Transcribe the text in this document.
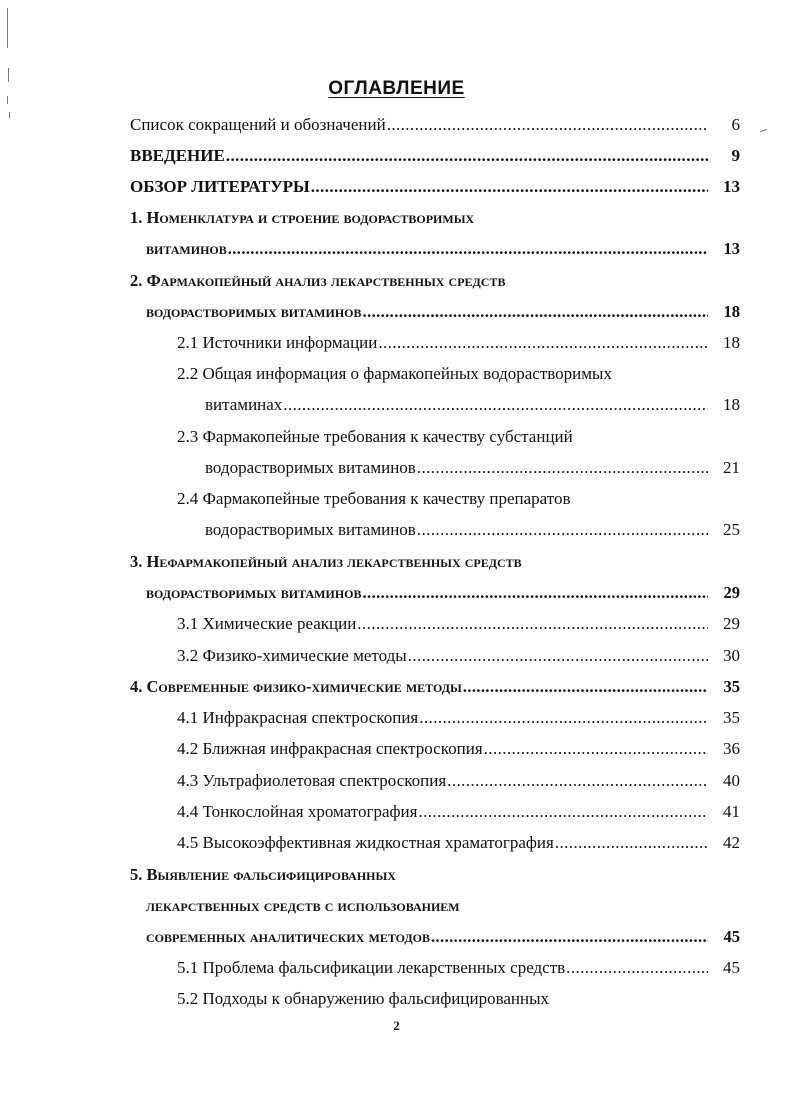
ОГЛАВЛЕНИЕ
Список сокращений и обозначений .....	6
ВВЕДЕНИЕ .....	9
ОБЗОР ЛИТЕРАТУРЫ .....	13
1. Номенклатура и строение водорастворимых
витаминов .....	13
2. Фармакопейный анализ лекарственных средств
водорастворимых витаминов .....	18
2.1 Источники информации .....	18
2.2 Общая информация о фармакопейных водорастворимых
витаминах .....	18
2.3 Фармакопейные требования к качеству субстанций
водорастворимых витаминов .....	21
2.4 Фармакопейные требования к качеству препаратов
водорастворимых витаминов .....	25
3. Нефармакопейный анализ лекарственных средств
водорастворимых витаминов .....	29
3.1 Химические реакции .....	29
3.2 Физико-химические методы .....	30
4. Современные физико-химические методы .....	35
4.1 Инфракрасная спектроскопия .....	35
4.2 Ближная инфракрасная спектроскопия .....	36
4.3 Ультрафиолетовая спектроскопия .....	40
4.4 Тонкослойная хроматография .....	41
4.5 Высокоэффективная жидкостная храматография .....	42
5. Выявление фальсифицированных
лекарственных средств с использованием
современных аналитических методов .....	45
5.1 Проблема фальсификации лекарственных средств .....	45
5.2 Подходы к обнаружению фальсифицированных
2
